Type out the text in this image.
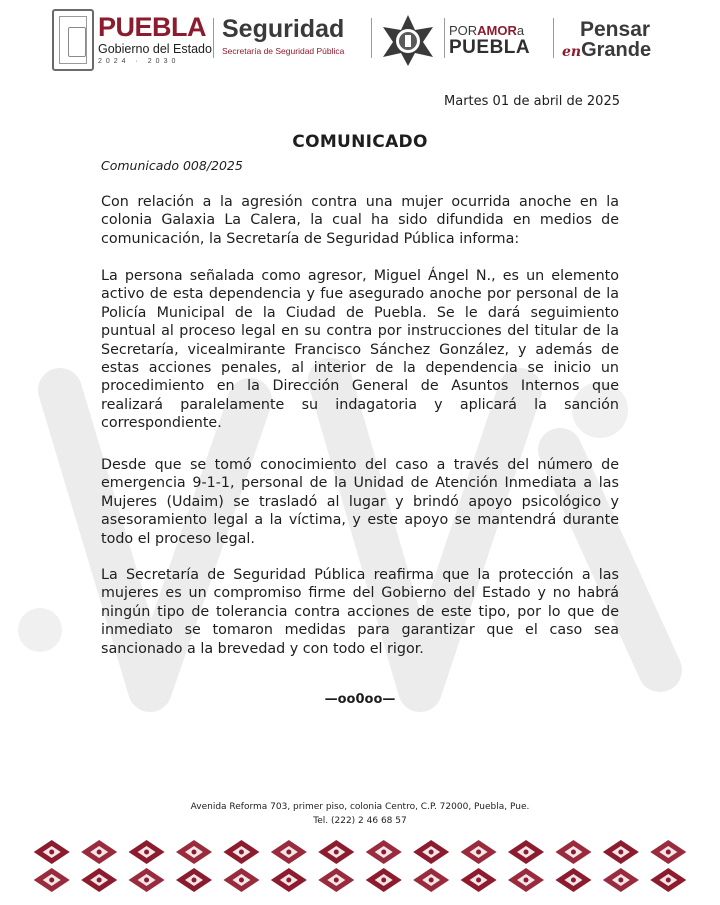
PUEBLA
Gobierno del Estado
2024 · 2030
Seguridad
Secretaría de Seguridad Pública
PORAMORa
PUEBLA
Pensar
enGrande
Martes 01 de abril de 2025
COMUNICADO
Comunicado 008/2025

Con relación a la agresión contra una mujer ocurrida anoche en la colonia Galaxia La Calera, la cual ha sido difundida en medios de comunicación, la Secretaría de Seguridad Pública informa:

La persona señalada como agresor, Miguel Ángel N., es un elemento activo de esta dependencia y fue asegurado anoche por personal de la Policía Municipal de la Ciudad de Puebla. Se le dará seguimiento puntual al proceso legal en su contra por instrucciones del titular de la Secretaría, vicealmirante Francisco Sánchez González, y además de estas acciones penales, al interior de la dependencia se inicio un procedimiento en la Dirección General de Asuntos Internos que realizará paralelamente su indagatoria y aplicará la sanción correspondiente.

Desde que se tomó conocimiento del caso a través del número de emergencia 9-1-1, personal de la Unidad de Atención Inmediata a las Mujeres (Udaim) se trasladó al lugar y brindó apoyo psicológico y asesoramiento legal a la víctima, y este apoyo se mantendrá durante todo el proceso legal.

La Secretaría de Seguridad Pública reafirma que la protección a las mujeres es un compromiso firme del Gobierno del Estado y no habrá ningún tipo de tolerancia contra acciones de este tipo, por lo que de inmediato se tomaron medidas para garantizar que el caso sea sancionado a la brevedad y con todo el rigor.

—oo0oo—
Avenida Reforma 703, primer piso, colonia Centro, C.P. 72000, Puebla, Pue.
Tel. (222) 2 46 68 57
